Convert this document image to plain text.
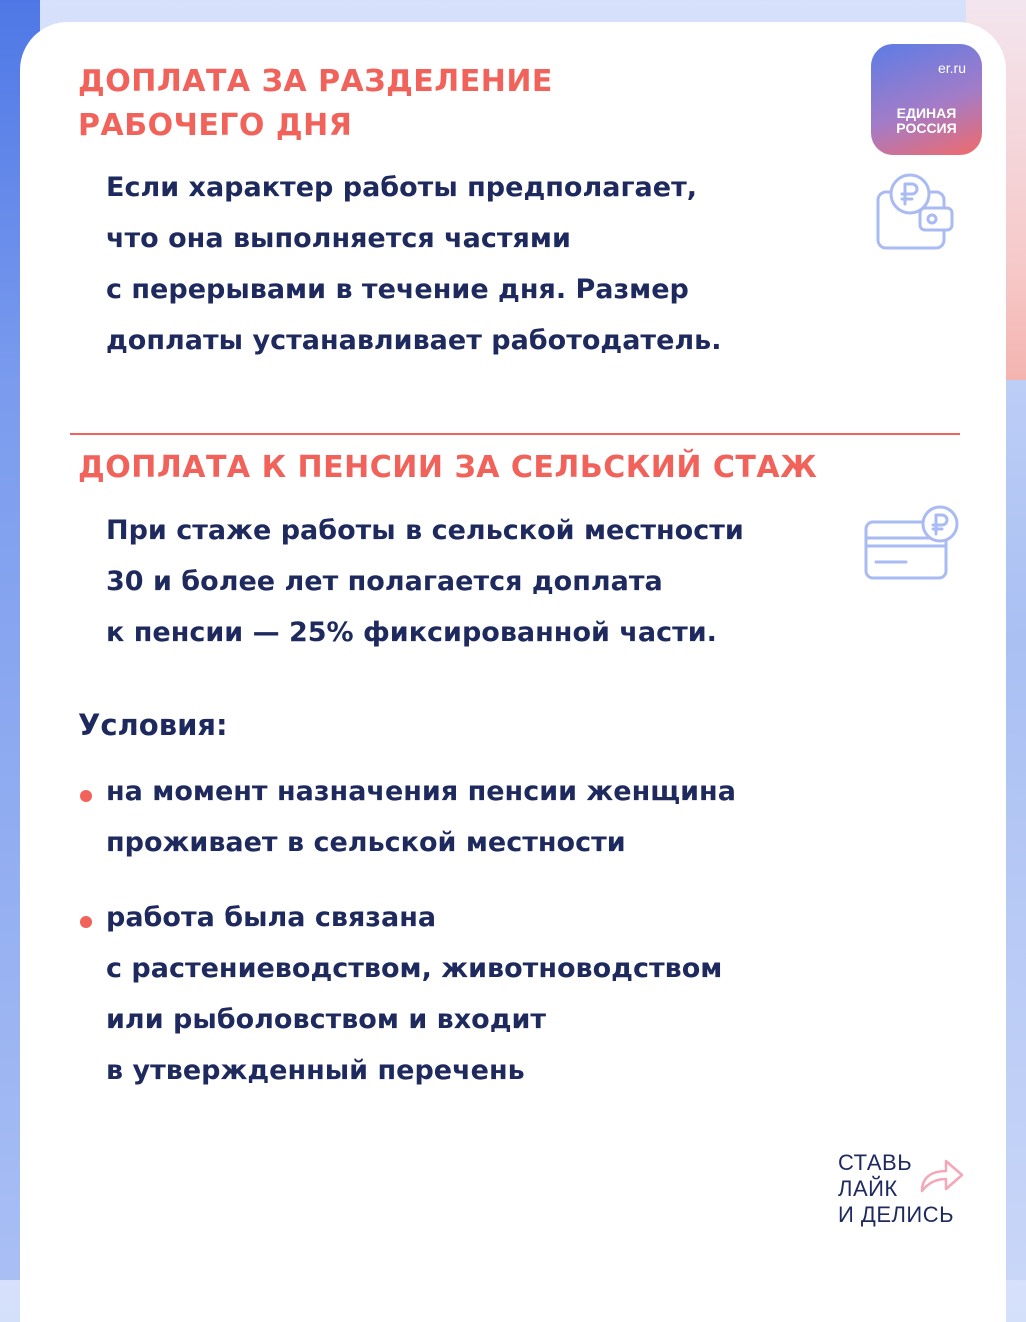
er.ru
ЕДИНАЯ
РОССИЯ
ДОПЛАТА ЗА РАЗДЕЛЕНИЕ
РАБОЧЕГО ДНЯ
Если характер работы предполагает,
что она выполняется частями
с перерывами в течение дня. Размер
доплаты устанавливает работодатель.
ДОПЛАТА К ПЕНСИИ ЗА СЕЛЬСКИЙ СТАЖ
При стаже работы в сельской местности
30 и более лет полагается доплата
к пенсии — 25% фиксированной части.
Условия:
на момент назначения пенсии женщина
проживает в сельской местности
работа была связана
с растениеводством, животноводством
или рыболовством и входит
в утвержденный перечень
СТАВЬ
ЛАЙК
И ДЕЛИСЬ
